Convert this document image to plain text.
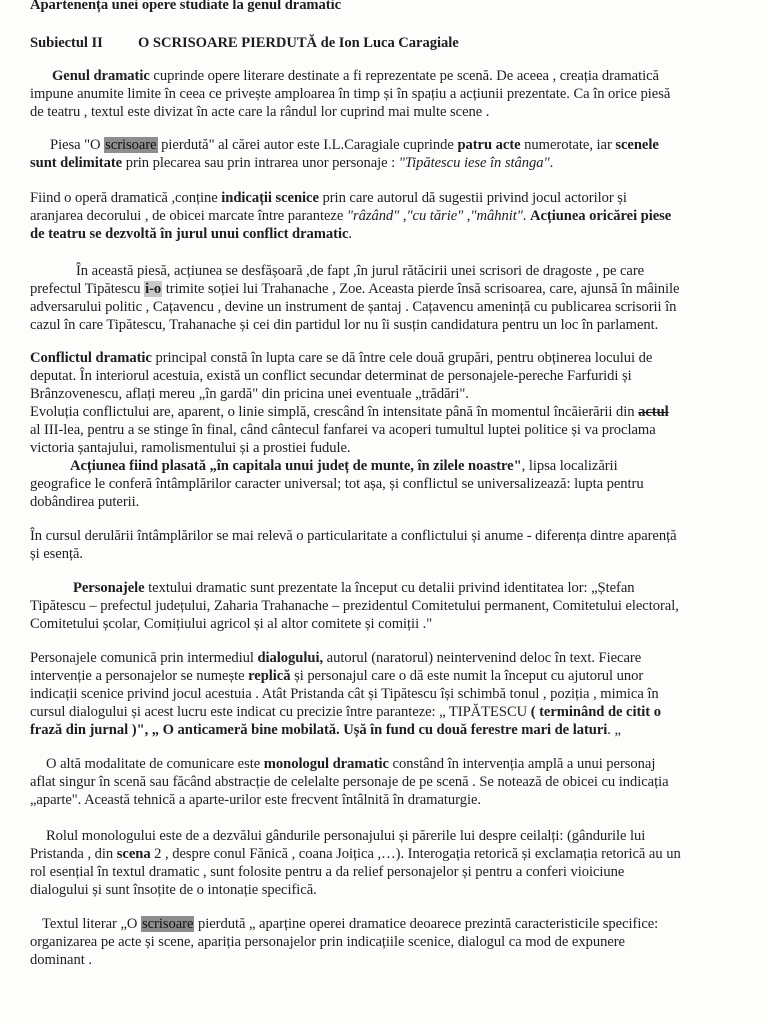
Apartenența unei opere studiate la genul dramatic
Subiectul II O SCRISOARE PIERDUTĂ de Ion Luca Caragiale
Genul dramatic cuprinde opere literare destinate a fi reprezentate pe scenă. De aceea , creația dramatică
impune anumite limite în ceea ce privește amploarea în timp și în spațiu a acțiunii prezentate. Ca în orice piesă
de teatru , textul este divizat în acte care la rândul lor cuprind mai multe scene .
Piesa "O scrisoare pierdută" al cărei autor este I.L.Caragiale cuprinde patru acte numerotate, iar scenele
sunt delimitate prin plecarea sau prin intrarea unor personaje : "Tipătescu iese în stânga".
Fiind o operă dramatică ,conține indicații scenice prin care autorul dă sugestii privind jocul actorilor și
aranjarea decorului , de obicei marcate între paranteze "râzând" ,"cu tărie" ,"mâhnit". Acțiunea oricărei piese
de teatru se dezvoltă în jurul unui conflict dramatic.
În această piesă, acțiunea se desfășoară ,de fapt ,în jurul rătăcirii unei scrisori de dragoste , pe care
prefectul Tipătescu i-o trimite soției lui Trahanache , Zoe. Aceasta pierde însă scrisoarea, care, ajunsă în mâinile
adversarului politic , Cațavencu , devine un instrument de șantaj . Cațavencu amenință cu publicarea scrisorii în
cazul în care Tipătescu, Trahanache și cei din partidul lor nu îi susțin candidatura pentru un loc în parlament.
Conflictul dramatic principal constă în lupta care se dă între cele două grupări, pentru obținerea locului de
deputat. În interiorul acestuia, există un conflict secundar determinat de personajele-pereche Farfuridi și
Brânzovenescu, aflați mereu „în gardă" din pricina unei eventuale „trădări".
Evoluția conflictului are, aparent, o linie simplă, crescând în intensitate până în momentul încăierării din actul
al III-lea, pentru a se stinge în final, când cântecul fanfarei va acoperi tumultul luptei politice și va proclama
victoria șantajului, ramolismentului și a prostiei fudule.
Acțiunea fiind plasată „în capitala unui județ de munte, în zilele noastre", lipsa localizării
geografice le conferă întâmplărilor caracter universal; tot așa, și conflictul se universalizează: lupta pentru
dobândirea puterii.
În cursul derulării întâmplărilor se mai relevă o particularitate a conflictului și anume - diferența dintre aparență
și esență.
Personajele textului dramatic sunt prezentate la început cu detalii privind identitatea lor: „Ștefan
Tipătescu – prefectul județului, Zaharia Trahanache – prezidentul Comitetului permanent, Comitetului electoral,
Comitetului școlar, Comițiului agricol și al altor comitete și comiții ."
Personajele comunică prin intermediul dialogului, autorul (naratorul) neintervenind deloc în text. Fiecare
intervenție a personajelor se numește replică și personajul care o dă este numit la început cu ajutorul unor
indicații scenice privind jocul acestuia . Atât Pristanda cât și Tipătescu își schimbă tonul , poziția , mimica în
cursul dialogului și acest lucru este indicat cu precizie între paranteze: „ TIPĂTESCU ( terminând de citit o
frază din jurnal )", „ O anticameră bine mobilată. Ușă în fund cu două ferestre mari de laturi. „
O altă modalitate de comunicare este monologul dramatic constând în intervenția amplă a unui personaj
aflat singur în scenă sau făcând abstracție de celelalte personaje de pe scenă . Se notează de obicei cu indicația
„aparte". Această tehnică a aparte-urilor este frecvent întâlnită în dramaturgie.
Rolul monologului este de a dezvălui gândurile personajului și părerile lui despre ceilalți: (gândurile lui
Pristanda , din scena 2 , despre conul Fănică , coana Joițica ,…). Interogația retorică și exclamația retorică au un
rol esențial în textul dramatic , sunt folosite pentru a da relief personajelor și pentru a conferi vioiciune
dialogului și sunt însoțite de o intonație specifică.
Textul literar „O scrisoare pierdută „ aparține operei dramatice deoarece prezintă caracteristicile specifice:
organizarea pe acte și scene, apariția personajelor prin indicațiile scenice, dialogul ca mod de expunere
dominant .
